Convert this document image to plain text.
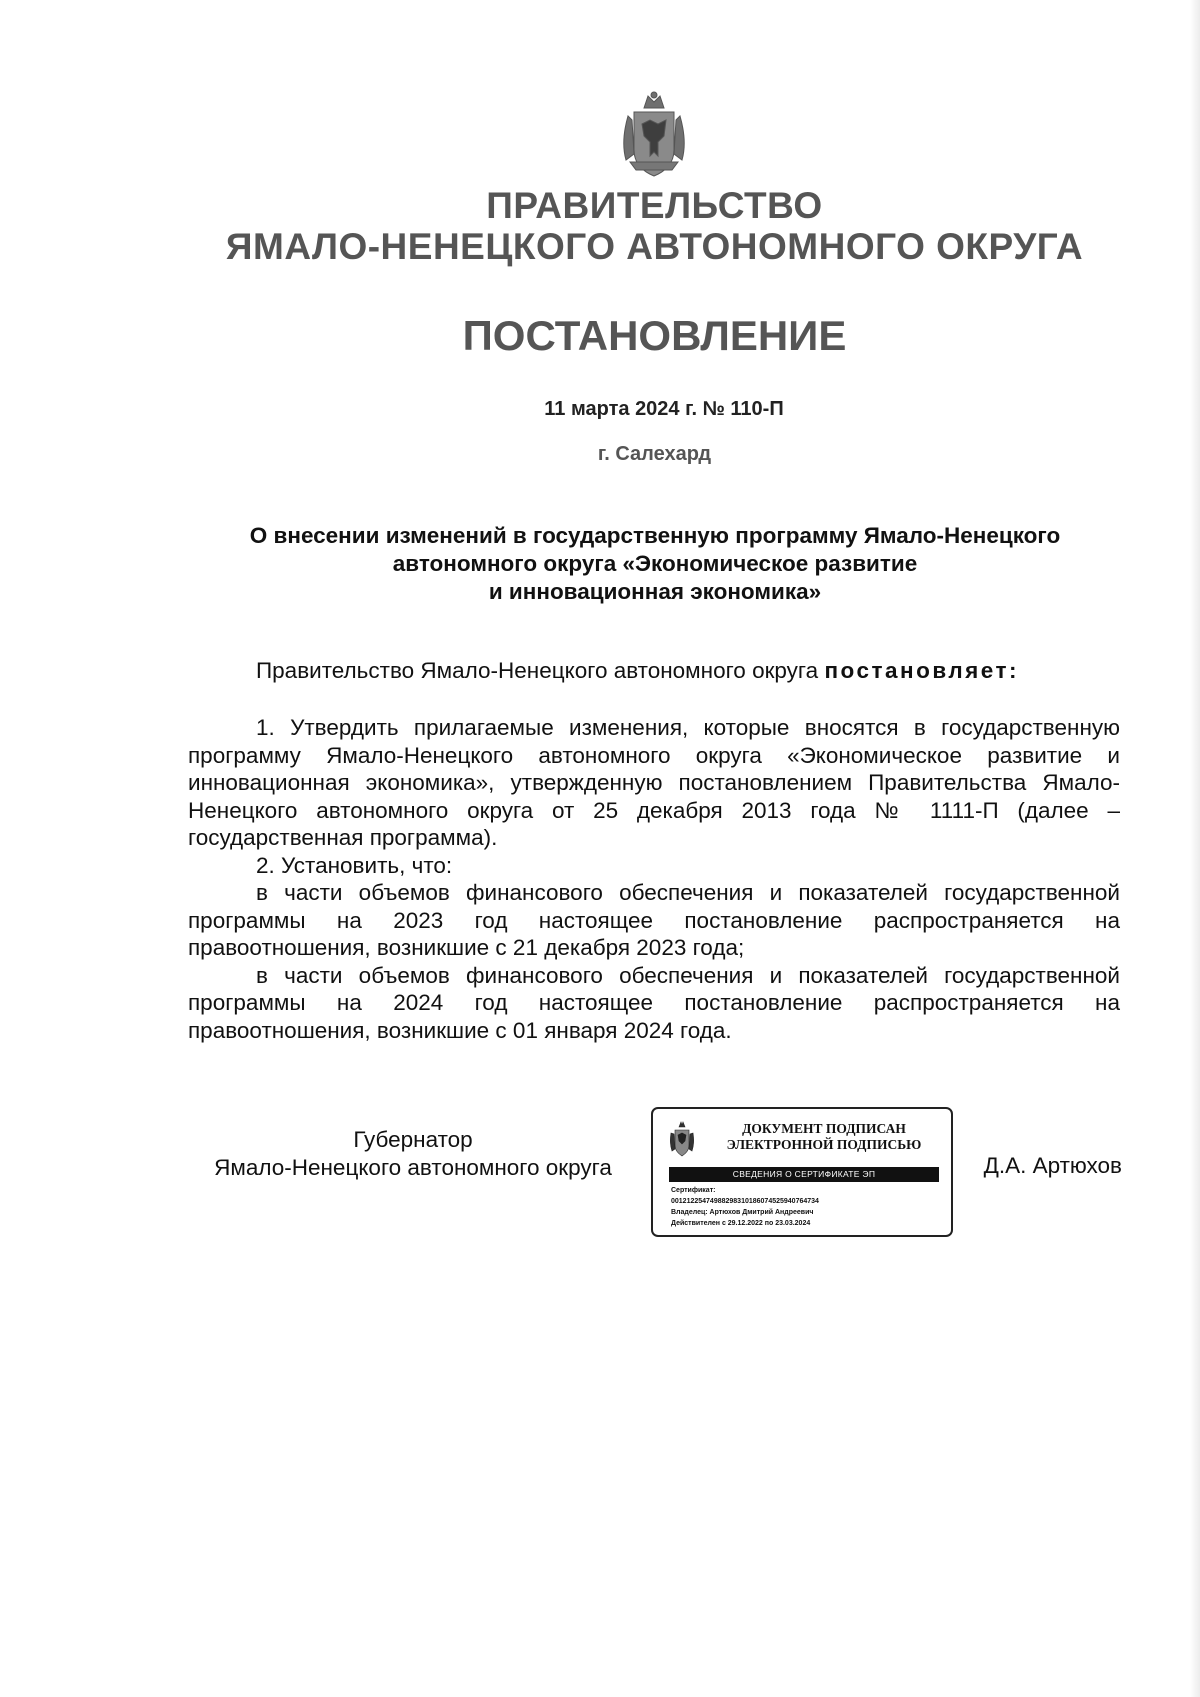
ПРАВИТЕЛЬСТВО
ЯМАЛО-НЕНЕЦКОГО АВТОНОМНОГО ОКРУГА
ПОСТАНОВЛЕНИЕ
11 марта 2024 г. № 110-П
г. Салехард
О внесении изменений в государственную программу Ямало-Ненецкого
автономного округа «Экономическое развитие
и инновационная экономика»
Правительство Ямало-Ненецкого автономного округа постановляет:

1. Утвердить прилагаемые изменения, которые вносятся в государственную программу Ямало-Ненецкого автономного округа «Экономическое развитие и инновационная экономика», утвержденную постановлением Правительства Ямало-Ненецкого автономного округа от 25 декабря 2013 года № 1111-П (далее – государственная программа).

2. Установить, что:

в части объемов финансового обеспечения и показателей государственной программы на 2023 год настоящее постановление распространяется на правоотношения, возникшие с 21 декабря 2023 года;

в части объемов финансового обеспечения и показателей государственной программы на 2024 год настоящее постановление распространяется на правоотношения, возникшие с 01 января 2024 года.

Губернатор
Ямало-Ненецкого автономного округа
ДОКУМЕНТ ПОДПИСАН
ЭЛЕКТРОННОЙ ПОДПИСЬЮ
СВЕДЕНИЯ О СЕРТИФИКАТЕ ЭП
Сертификат:
00121225474988298310186074525940764734
Владелец: Артюхов Дмитрий Андреевич
Действителен с 29.12.2022 по 23.03.2024
Д.А. Артюхов
